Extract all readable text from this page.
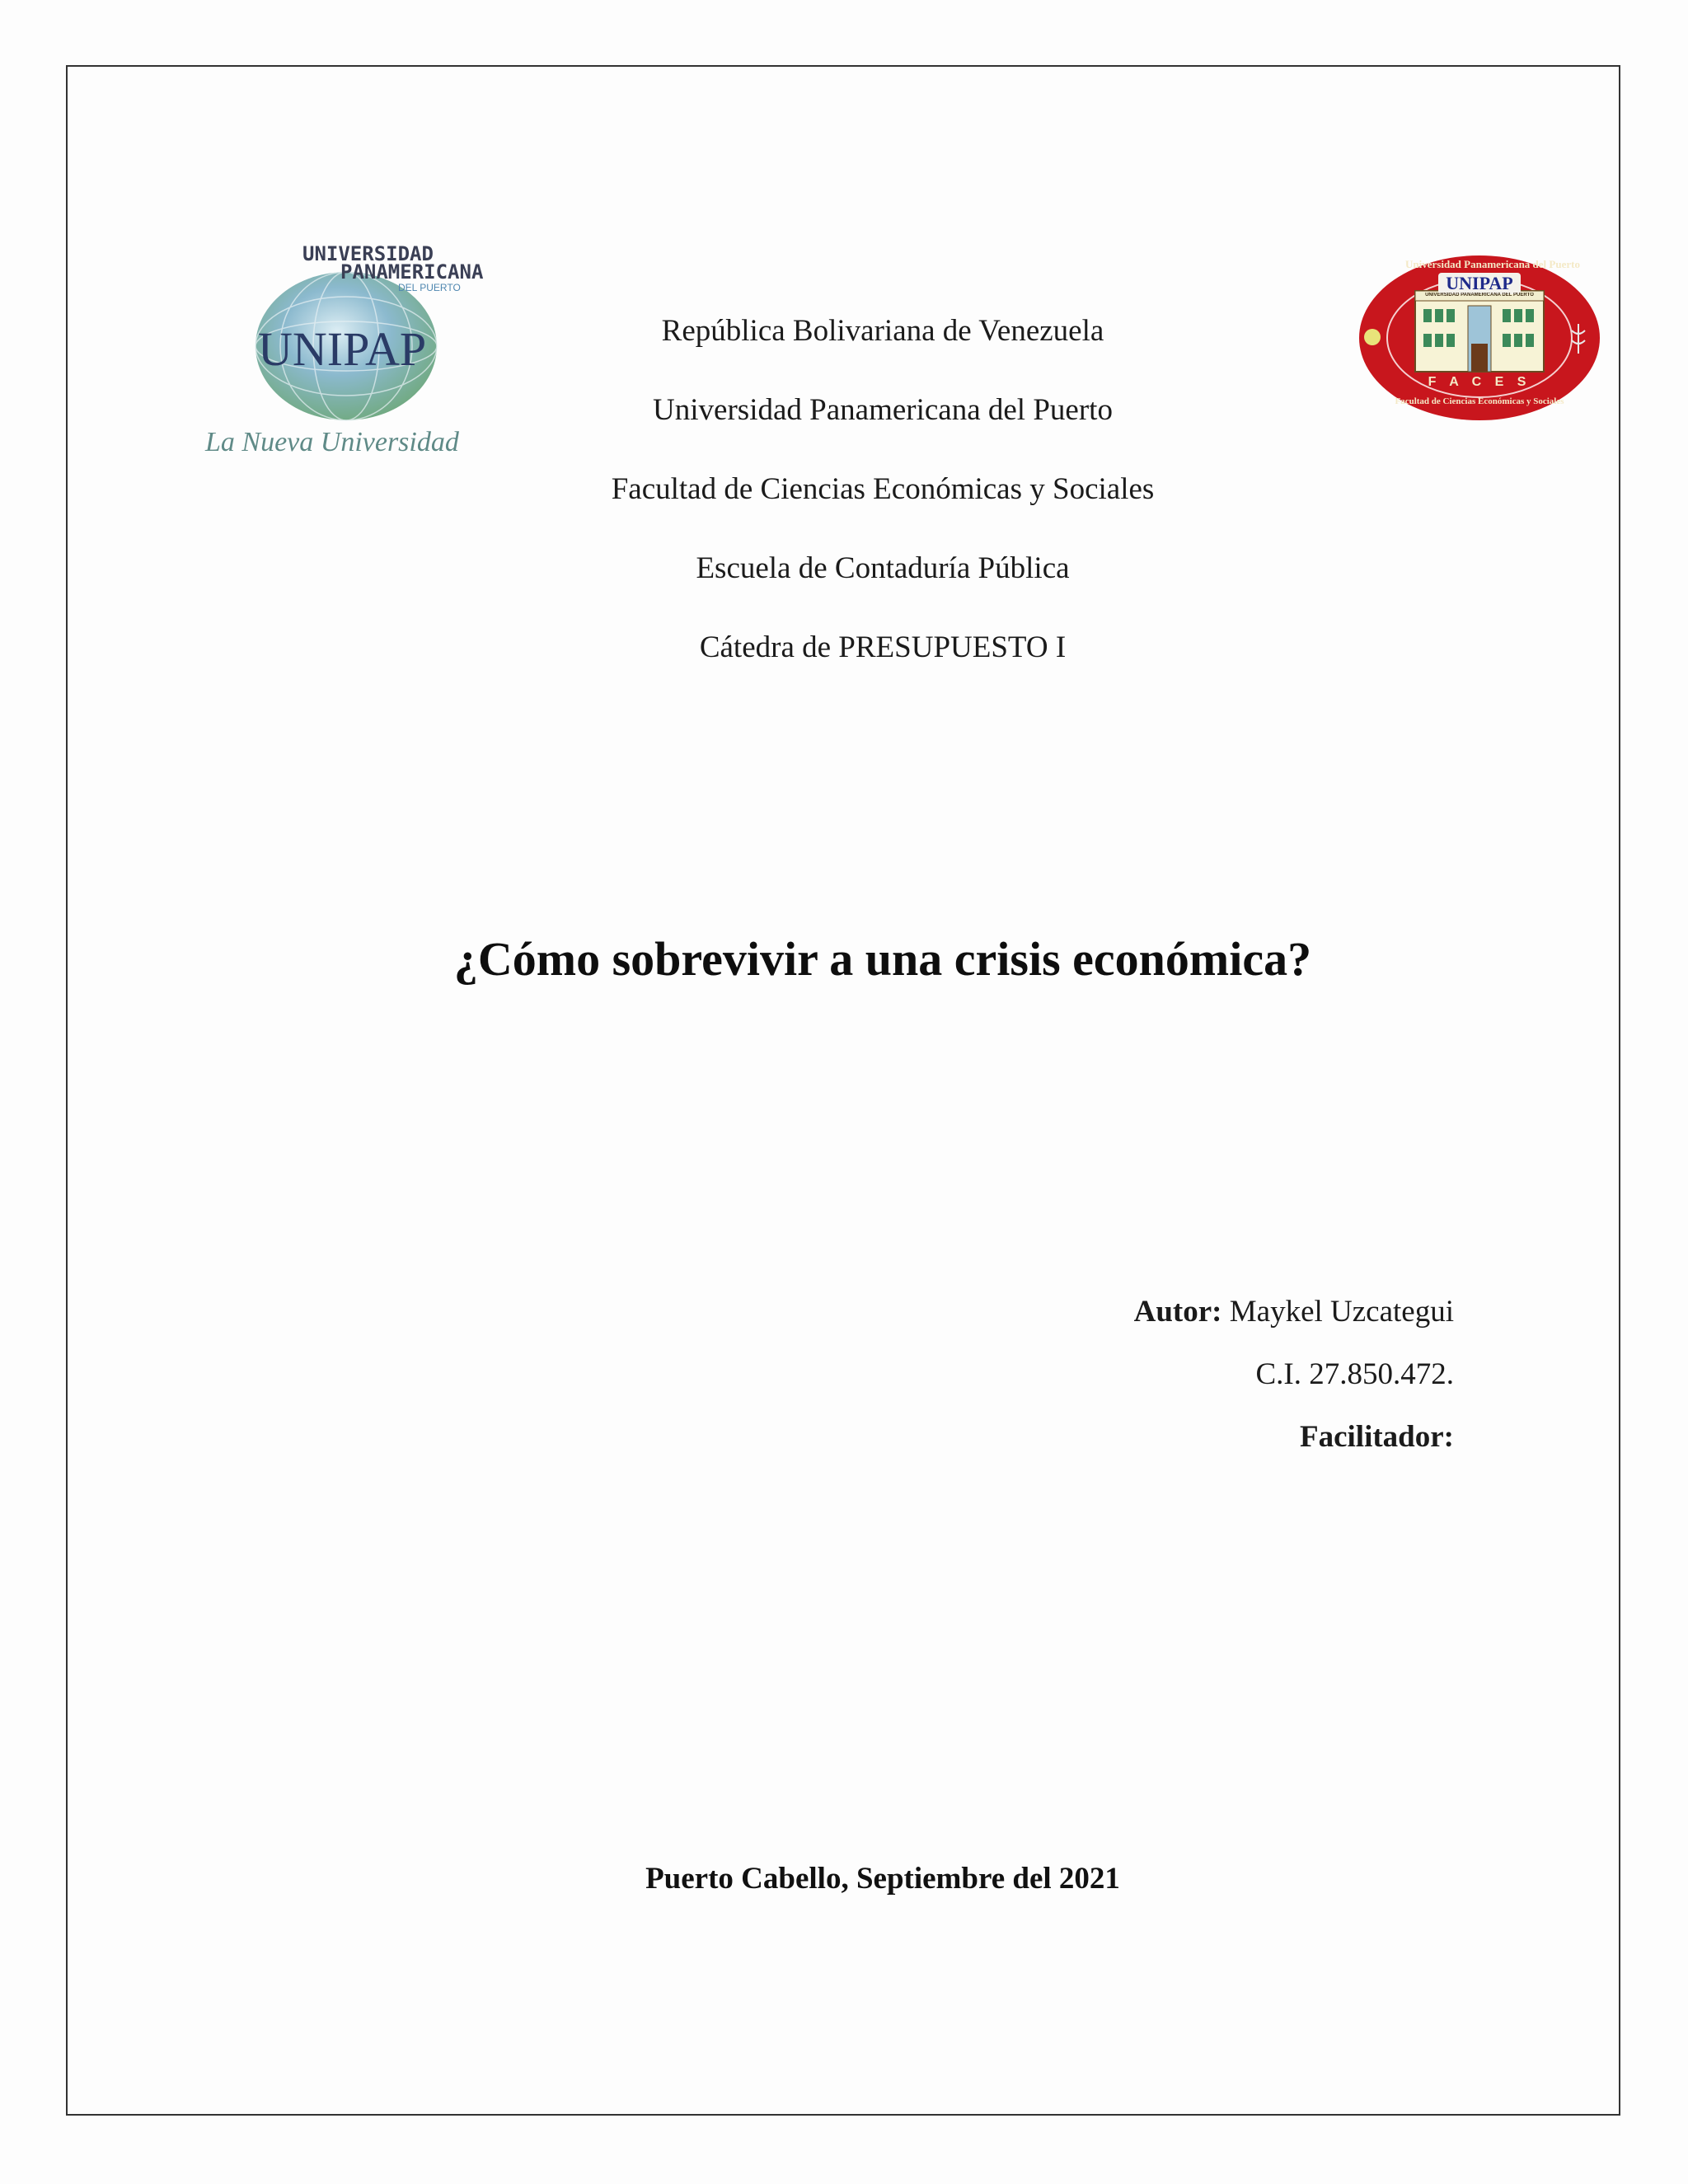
UNIVERSIDAD
PANAMERICANA
DEL PUERTO
UNIPAP
La Nueva Universidad
Universidad Panamericana del Puerto
UNIPAP
UNIVERSIDAD PANAMERICANA DEL PUERTO
F A C E S
Facultad de Ciencias Económicas y Sociales
República Bolivariana de Venezuela
Universidad Panamericana del Puerto
Facultad de Ciencias Económicas y Sociales
Escuela de Contaduría Pública
Cátedra de PRESUPUESTO I
¿Cómo sobrevivir a una crisis económica?
Autor: Maykel Uzcategui
C.I. 27.850.472.
Facilitador:
Puerto Cabello, Septiembre del 2021
